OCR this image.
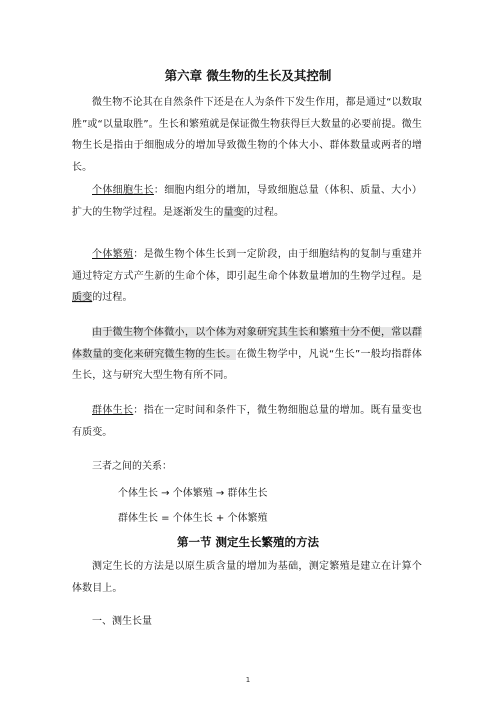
第六章 微生物的生长及其控制
微生物不论其在自然条件下还是在人为条件下发生作用，都是通过“以数取胜”或“以量取胜”。生长和繁殖就是保证微生物获得巨大数量的必要前提。微生物生长是指由于细胞成分的增加导致微生物的个体大小、群体数量或两者的增长。
个体细胞生长：细胞内组分的增加，导致细胞总量（体积、质量、大小）扩大的生物学过程。是逐渐发生的量变的过程。
个体繁殖：是微生物个体生长到一定阶段，由于细胞结构的复制与重建并通过特定方式产生新的生命个体，即引起生命个体数量增加的生物学过程。是质变的过程。
由于微生物个体微小，以个体为对象研究其生长和繁殖十分不便，常以群体数量的变化来研究微生物的生长。在微生物学中，凡说“生长”一般均指群体生长，这与研究大型生物有所不同。
群体生长：指在一定时间和条件下，微生物细胞总量的增加。既有量变也有质变。
三者之间的关系：
个体生长 → 个体繁殖 → 群体生长
群体生长 = 个体生长 + 个体繁殖
第一节 测定生长繁殖的方法
测定生长的方法是以原生质含量的增加为基础，测定繁殖是建立在计算个体数目上。
一、测生长量
1
